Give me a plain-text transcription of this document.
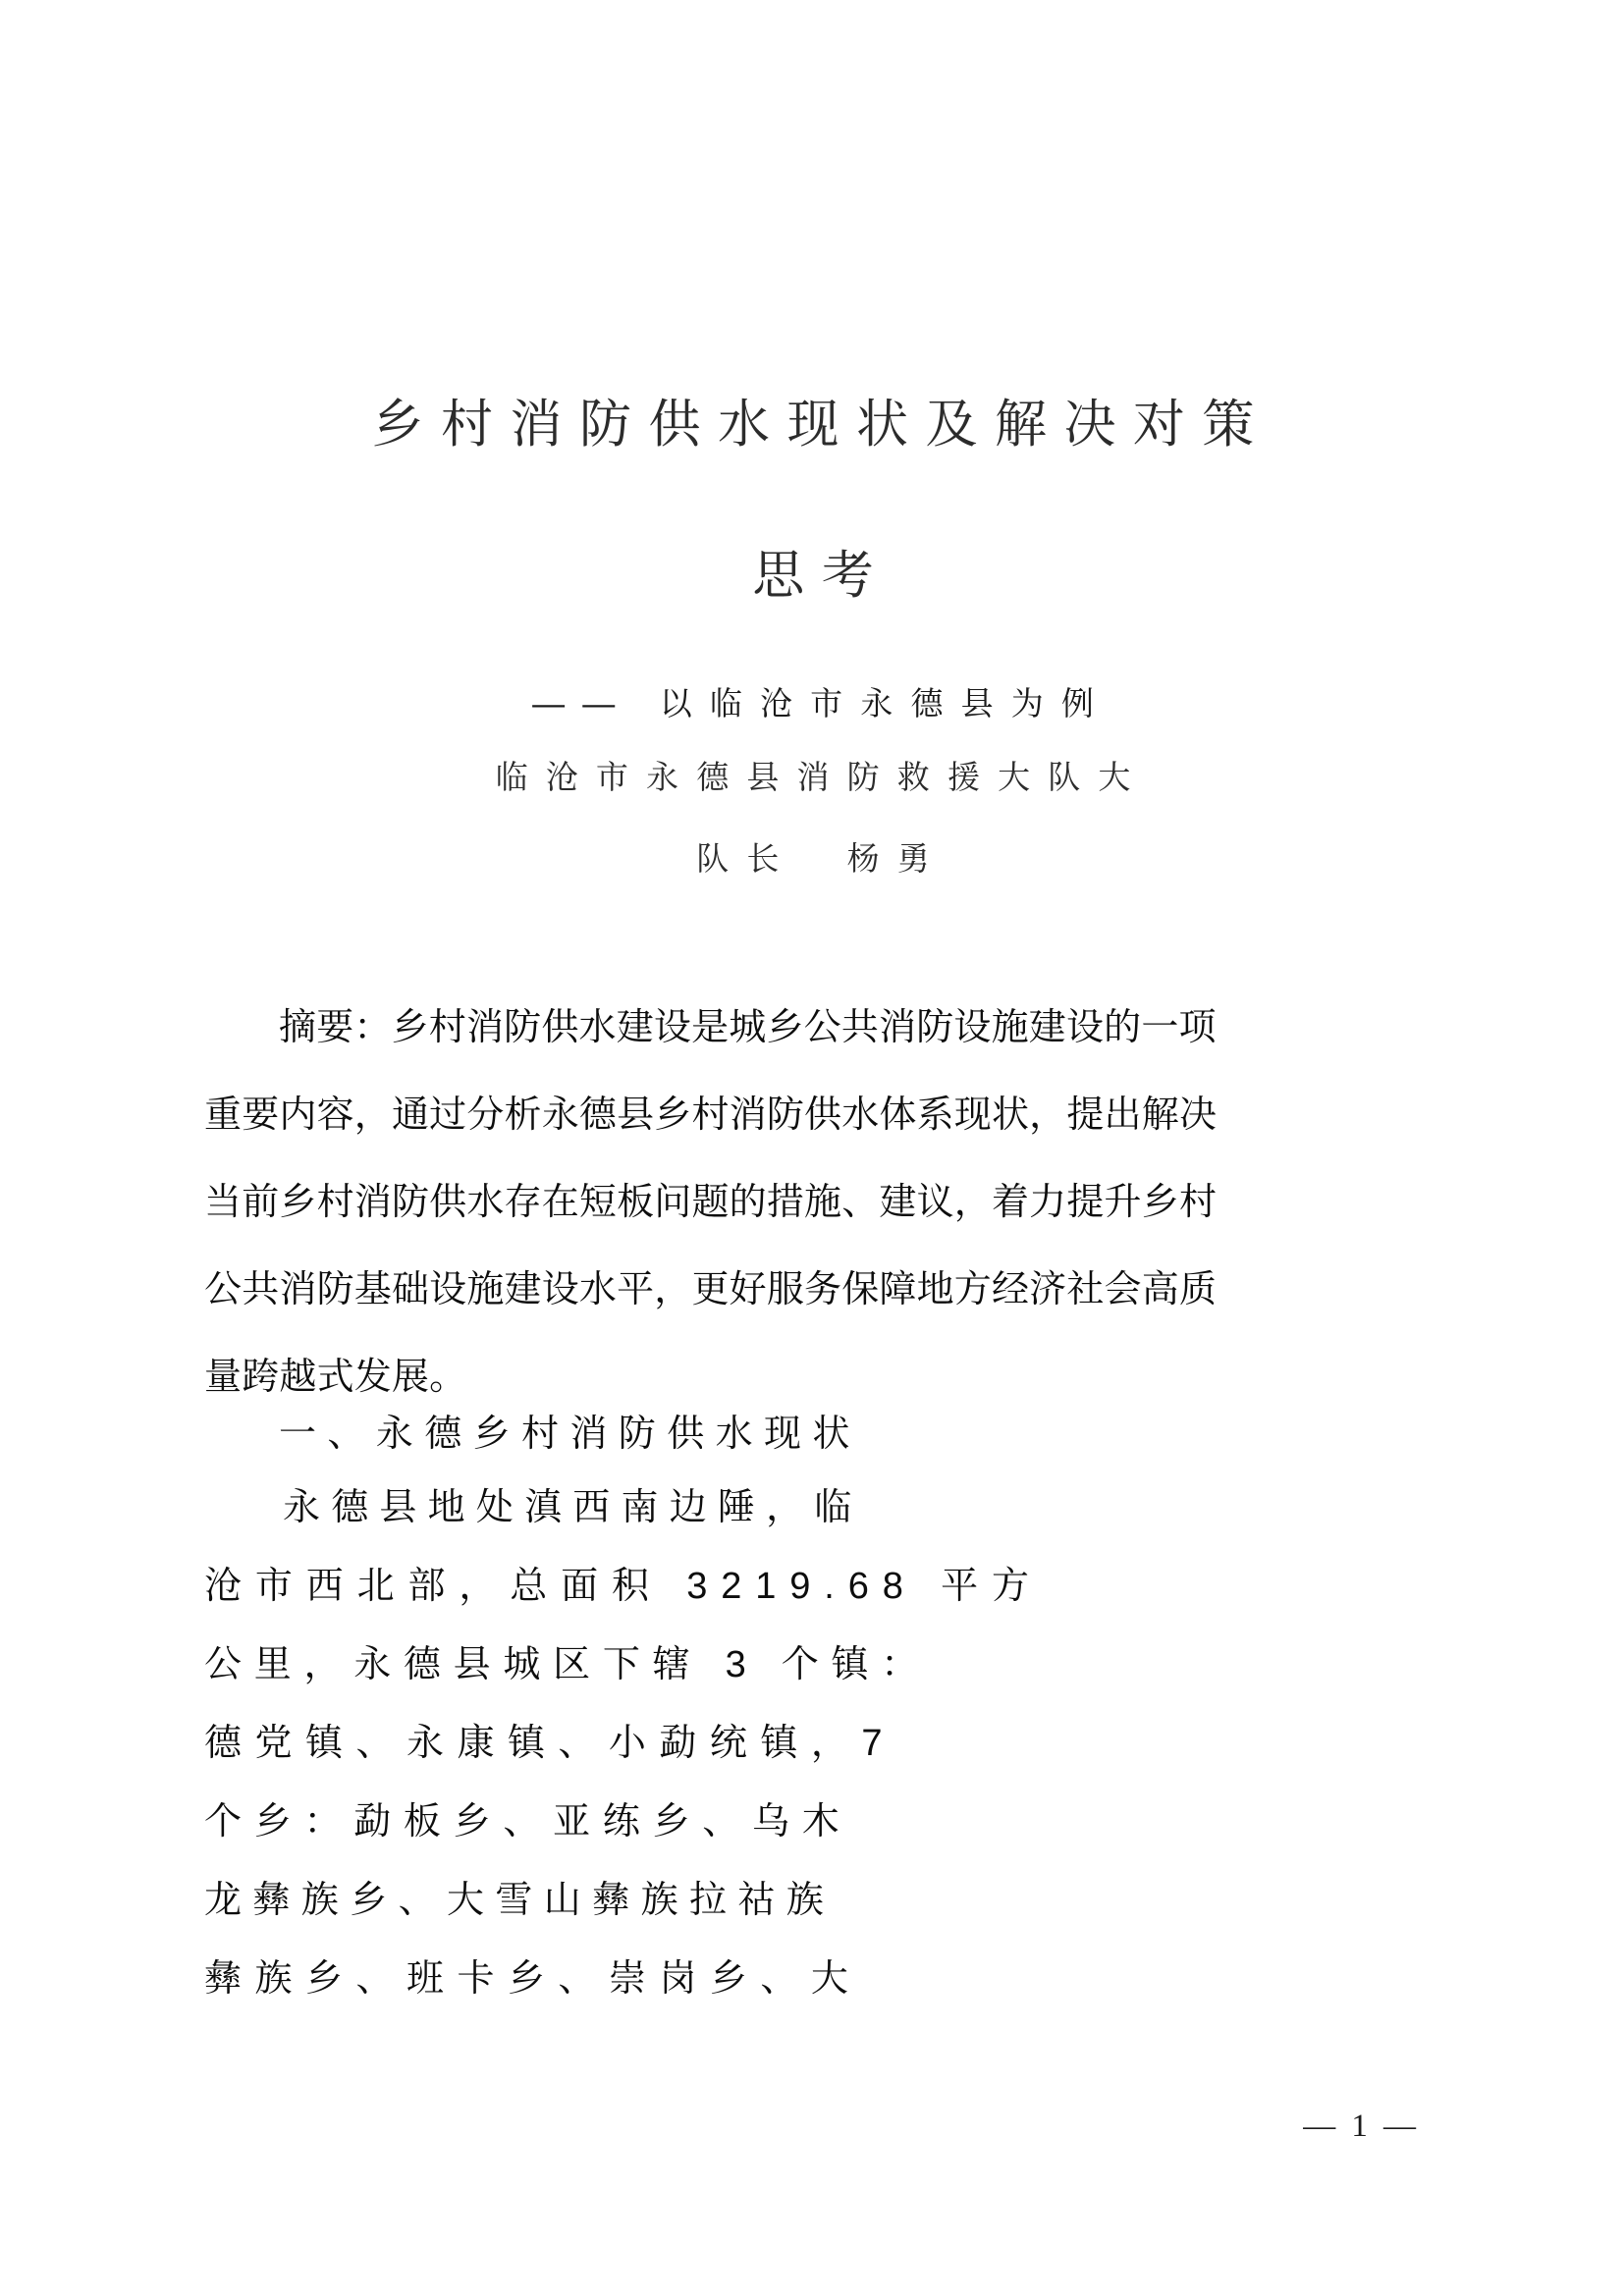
乡村消防供水现状及解决对策
思考
—— 以临沧市永德县为例
临沧市永德县消防救援大队大
队长　杨勇
摘要：乡村消防供水建设是城乡公共消防设施建设的一项
重要内容，通过分析永德县乡村消防供水体系现状，提出解决
当前乡村消防供水存在短板问题的措施、建议，着力提升乡村
公共消防基础设施建设水平，更好服务保障地方经济社会高质
量跨越式发展。
一、永德乡村消防供水现状
永德县地处滇西南边陲，临
沧市西北部，总面积 3219.68 平方
公里，永德县城区下辖 3 个镇：
德党镇、永康镇、小勐统镇，7
个乡：勐板乡、亚练乡、乌木
龙彝族乡、大雪山彝族拉祜族
彝族乡、班卡乡、崇岗乡、大
— 1 —
